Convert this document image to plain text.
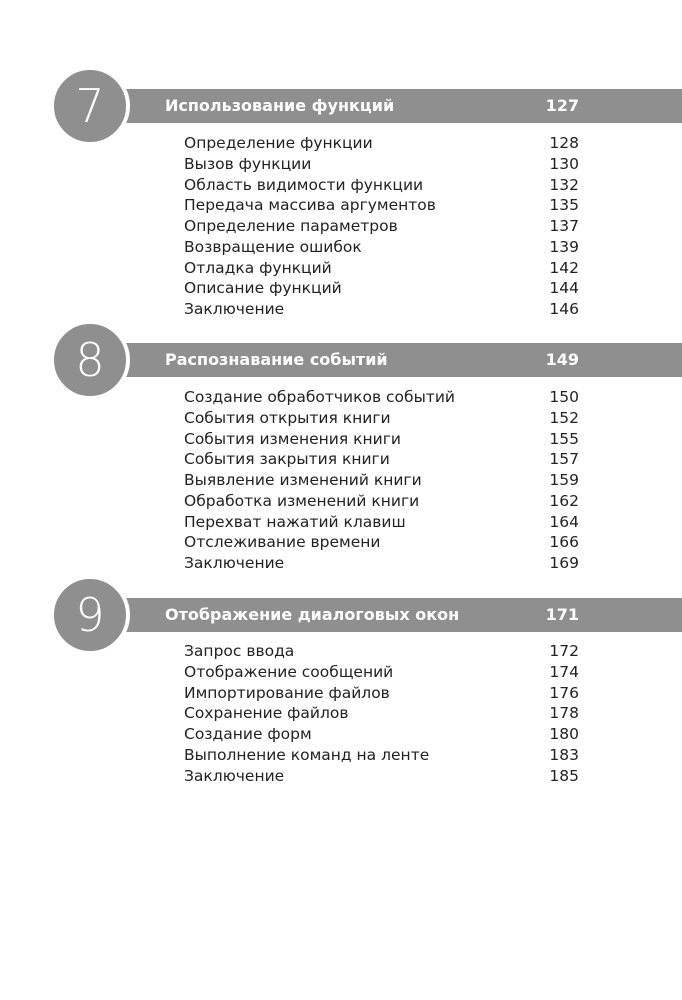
Использование функций	127
7
Определение функции	128
Вызов функции	130
Область видимости функции	132
Передача массива аргументов	135
Определение параметров	137
Возвращение ошибок	139
Отладка функций	142
Описание функций	144
Заключение	146
Распознавание событий	149
8
Создание обработчиков событий	150
События открытия книги	152
События изменения книги	155
События закрытия книги	157
Выявление изменений книги	159
Обработка изменений книги	162
Перехват нажатий клавиш	164
Отслеживание времени	166
Заключение	169
Отображение диалоговых окон	171
9
Запрос ввода	172
Отображение сообщений	174
Импортирование файлов	176
Сохранение файлов	178
Создание форм	180
Выполнение команд на ленте	183
Заключение	185
